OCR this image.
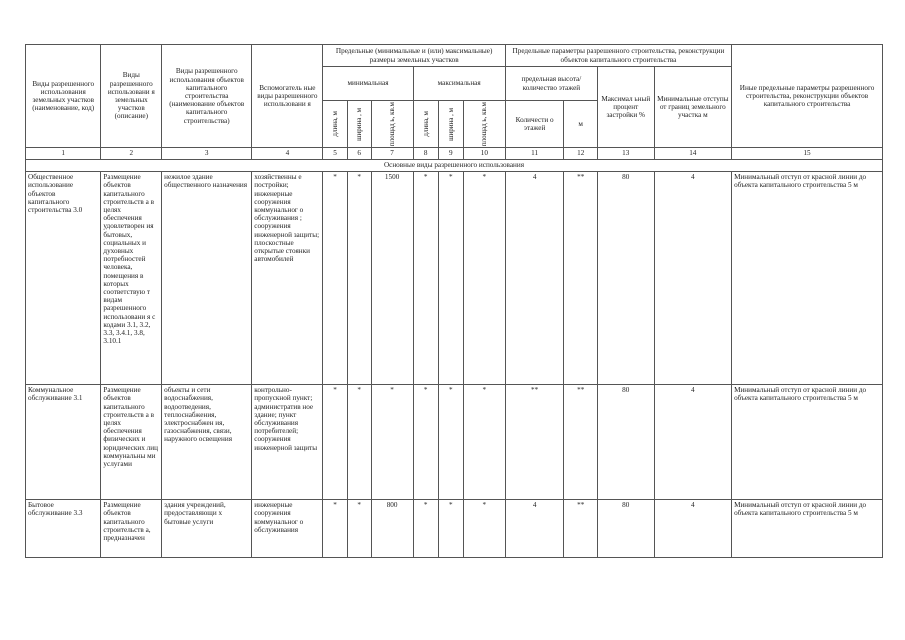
Виды разрешенного использования земельных участков (наименование, код)	Виды разрешенного использовани я земельных участков (описание)	Виды разрешенного использования объектов капитального строительства (наименование объектов капитального строительства)	Вспомогатель ные виды разрешенного использовани я	Предельные (минимальные и (или) максимальные) размеры земельных участков						Предельные параметры разрешенного строительства, реконструкции объектов капитального строительства				Иные предельные параметры разрешенного строительства, реконструкции объектов капитального строительства
				минимальная			максимальная			предельная высота/количество этажей		Максимал ьный процент застройки %	Минимальные отступы от границ земельного участка м	

				длина, м	ширина , м	площад ь, кв.м	длина, м	ширина , м	площад ь, кв.м	Количести о этажей	м			
1	2	3	4	5	6	7	8	9	10	11	12	13	14	15
Основные виды разрешенного использования														
Общественное использование объектов капитального строительства 3.0	Размещение объектов капитального строительств а в целях обеспечения удовлетворен ия бытовых, социальных и духовных потребностей человека, помещения в которых соответствую т видам разрешенного использовани я с кодами 3.1, 3.2, 3.3, 3.4.1, 3.8, 3.10.1	нежилое здание общественного назначения	хозяйственны е постройки; инженерные сооружения коммунальног о обслуживания ; сооружения инженерной защиты; плоскостные открытые стоянки автомобилей	*	*	1500	*	*	*	4	**	80	4	Минимальный отступ от красной линии до объекта капитального строительства 5 м
Коммунальное обслуживание 3.1	Размещение объектов капитального строительств а в целях обеспечения физических и юридических лиц коммунальны ми услугами	объекты и сети водоснабжения, водоотведения, теплоснабжения, электроснабжен ия, газоснабжения, связи, наружного освещения	контрольно- пропускной пункт; административ ное здание; пункт обслуживания потребителей; сооружения инженерной защиты	*	*	*	*	*	*	**	**	80	4	Минимальный отступ от красной линии до объекта капитального строительства 5 м
Бытовое обслуживание 3.3	Размещение объектов капитального строительств а, предназначен	здания учреждений, предоставляющи х бытовые услуги	инженерные сооружения коммунальног о обслуживания	*	*	800	*	*	*	4	**	80	4	Минимальный отступ от красной линии до объекта капитального строительства 5 м
